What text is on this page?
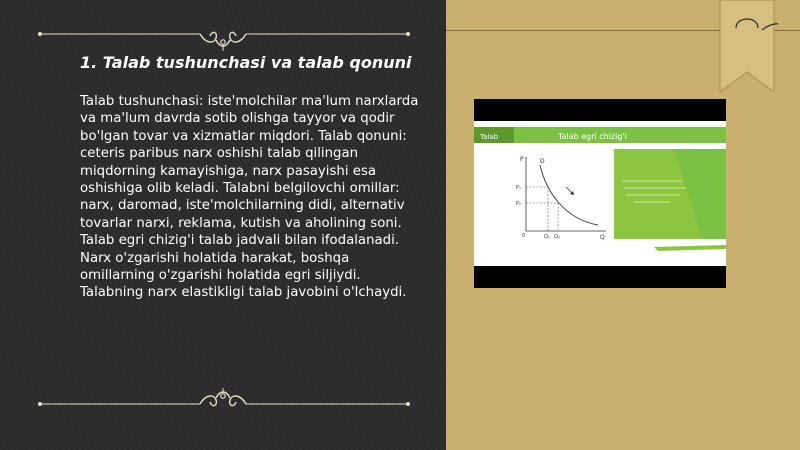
1. Talab tushunchasi va talab qonuni
Talab tushunchasi: iste'molchilar ma'lum narxlarda va ma'lum davrda sotib olishga tayyor va qodir bo'lgan tovar va xizmatlar miqdori. Talab qonuni: ceteris paribus narx oshishi talab qilingan miqdorning kamayishiga, narx pasayishi esa oshishiga olib keladi. Talabni belgilovchi omillar: narx, daromad, iste'molchilarning didi, alternativ tovarlar narxi, reklama, kutish va aholining soni. Talab egri chizig'i talab jadvali bilan ifodalanadi. Narx o'zgarishi holatida harakat, boshqa omillarning o'zgarishi holatida egri siljiydi. Talabning narx elastikligi talab javobini o'lchaydi.
Talab	Talab egri chizig'i
P
Q
0
D
P₁
P₂
Q₁ Q₂
